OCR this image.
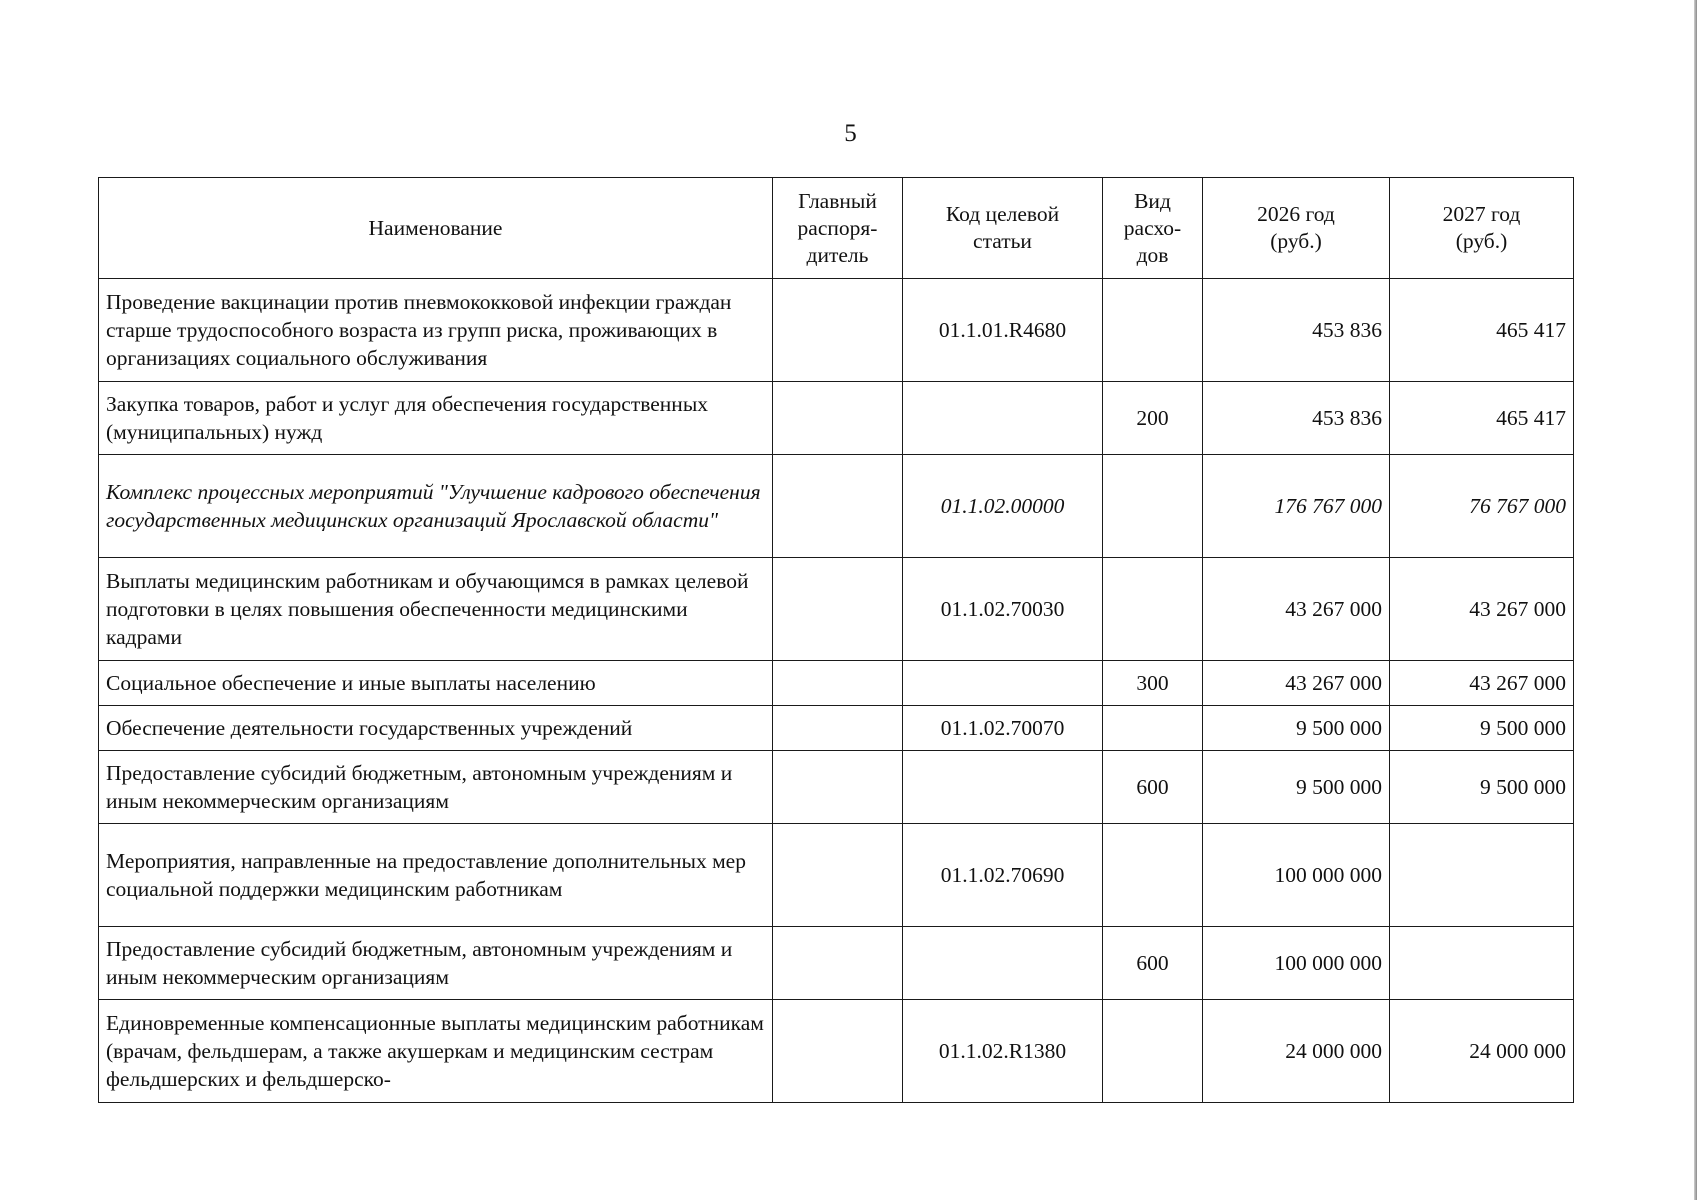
5
Наименование	Главный распоря-дитель	Код целевой статьи	Вид расхо-дов	2026 год (руб.)	2027 год (руб.)
Проведение вакцинации против пневмококковой инфекции граждан старше трудоспособного возраста из групп риска, проживающих в организациях социального обслуживания		01.1.01.R4680		453 836	465 417
Закупка товаров, работ и услуг для обеспечения государственных (муниципальных) нужд			200	453 836	465 417
Комплекс процессных мероприятий "Улучшение кадрового обеспечения государственных медицинских организаций Ярославской области"		01.1.02.00000		176 767 000	76 767 000
Выплаты медицинским работникам и обучающимся в рамках целевой подготовки в целях повышения обеспеченности медицинскими кадрами		01.1.02.70030		43 267 000	43 267 000
Социальное обеспечение и иные выплаты населению			300	43 267 000	43 267 000
Обеспечение деятельности государственных учреждений		01.1.02.70070		9 500 000	9 500 000
Предоставление субсидий бюджетным, автономным учреждениям и иным некоммерческим организациям			600	9 500 000	9 500 000
Мероприятия, направленные на предоставление дополнительных мер социальной поддержки медицинским работникам		01.1.02.70690		100 000 000	
Предоставление субсидий бюджетным, автономным учреждениям и иным некоммерческим организациям			600	100 000 000	
Единовременные компенсационные выплаты медицинским работникам (врачам, фельдшерам, а также акушеркам и медицинским сестрам фельдшерских и фельдшерско-		01.1.02.R1380		24 000 000	24 000 000
